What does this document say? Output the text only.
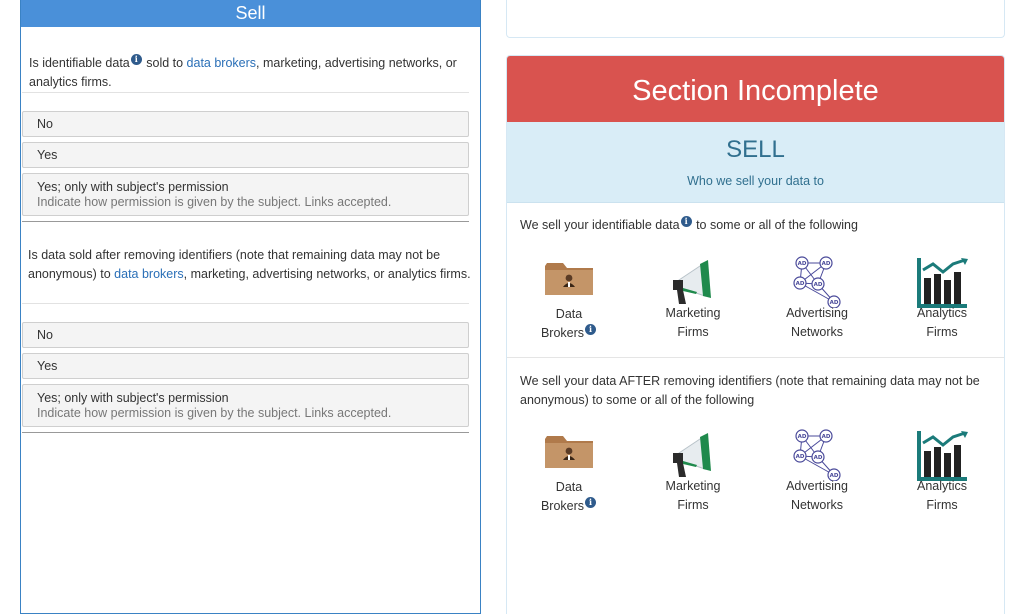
Sell
Is identifiable data i sold to data brokers, marketing, advertising networks, or analytics firms.
No
Yes
Yes; only with subject's permission
Indicate how permission is given by the subject. Links accepted.
Is data sold after removing identifiers (note that remaining data may not be anonymous) to data brokers, marketing, advertising networks, or analytics firms.
No
Yes
Yes; only with subject's permission
Indicate how permission is given by the subject. Links accepted.
Section Incomplete
SELL
Who we sell your data to
We sell your identifiable data i to some or all of the following
Data
Brokers i
Marketing
Firms
AD	AD
AD AD
AD
Advertising
Networks
Analytics
Firms
We sell your data AFTER removing identifiers (note that remaining data may not be anonymous) to some or all of the following
Data
Brokers i
Marketing
Firms
AD	AD
AD AD
AD
Advertising
Networks
Analytics
Firms
